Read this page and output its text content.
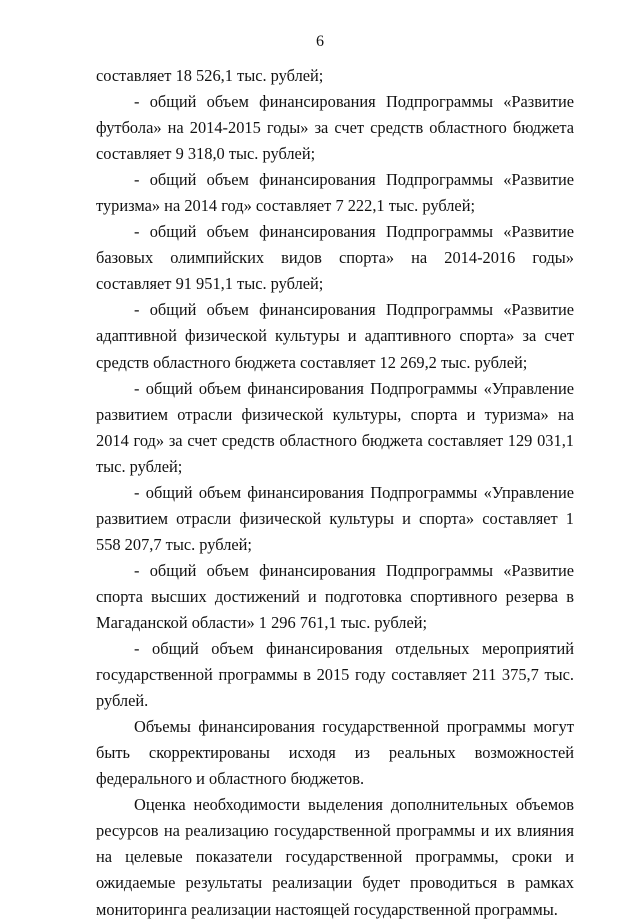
6

составляет 18 526,1 тыс. рублей;

- общий объем финансирования Подпрограммы «Развитие футбола» на 2014-2015 годы» за счет средств областного бюджета составляет 9 318,0 тыс. рублей;

- общий объем финансирования Подпрограммы «Развитие туризма» на 2014 год» составляет 7 222,1 тыс. рублей;

- общий объем финансирования Подпрограммы «Развитие базовых олимпийских видов спорта» на 2014-2016 годы» составляет 91 951,1 тыс. рублей;

- общий объем финансирования Подпрограммы «Развитие адаптивной физической культуры и адаптивного спорта» за счет средств областного бюджета составляет 12 269,2 тыс. рублей;

- общий объем финансирования Подпрограммы «Управление развитием отрасли физической культуры, спорта и туризма» на 2014 год» за счет средств областного бюджета составляет 129 031,1 тыс. рублей;

- общий объем финансирования Подпрограммы «Управление развитием отрасли физической культуры и спорта» составляет 1 558 207,7 тыс. рублей;

- общий объем финансирования Подпрограммы «Развитие спорта высших достижений и подготовка спортивного резерва в Магаданской области» 1 296 761,1 тыс. рублей;

- общий объем финансирования отдельных мероприятий государственной программы в 2015 году составляет 211 375,7 тыс. рублей.

Объемы финансирования государственной программы могут быть скорректированы исходя из реальных возможностей федерального и областного бюджетов.

Оценка необходимости выделения дополнительных объемов ресурсов на реализацию государственной программы и их влияния на целевые показатели государственной программы, сроки и ожидаемые результаты реализации будет проводиться в рамках мониторинга реализации настоящей государственной программы.
